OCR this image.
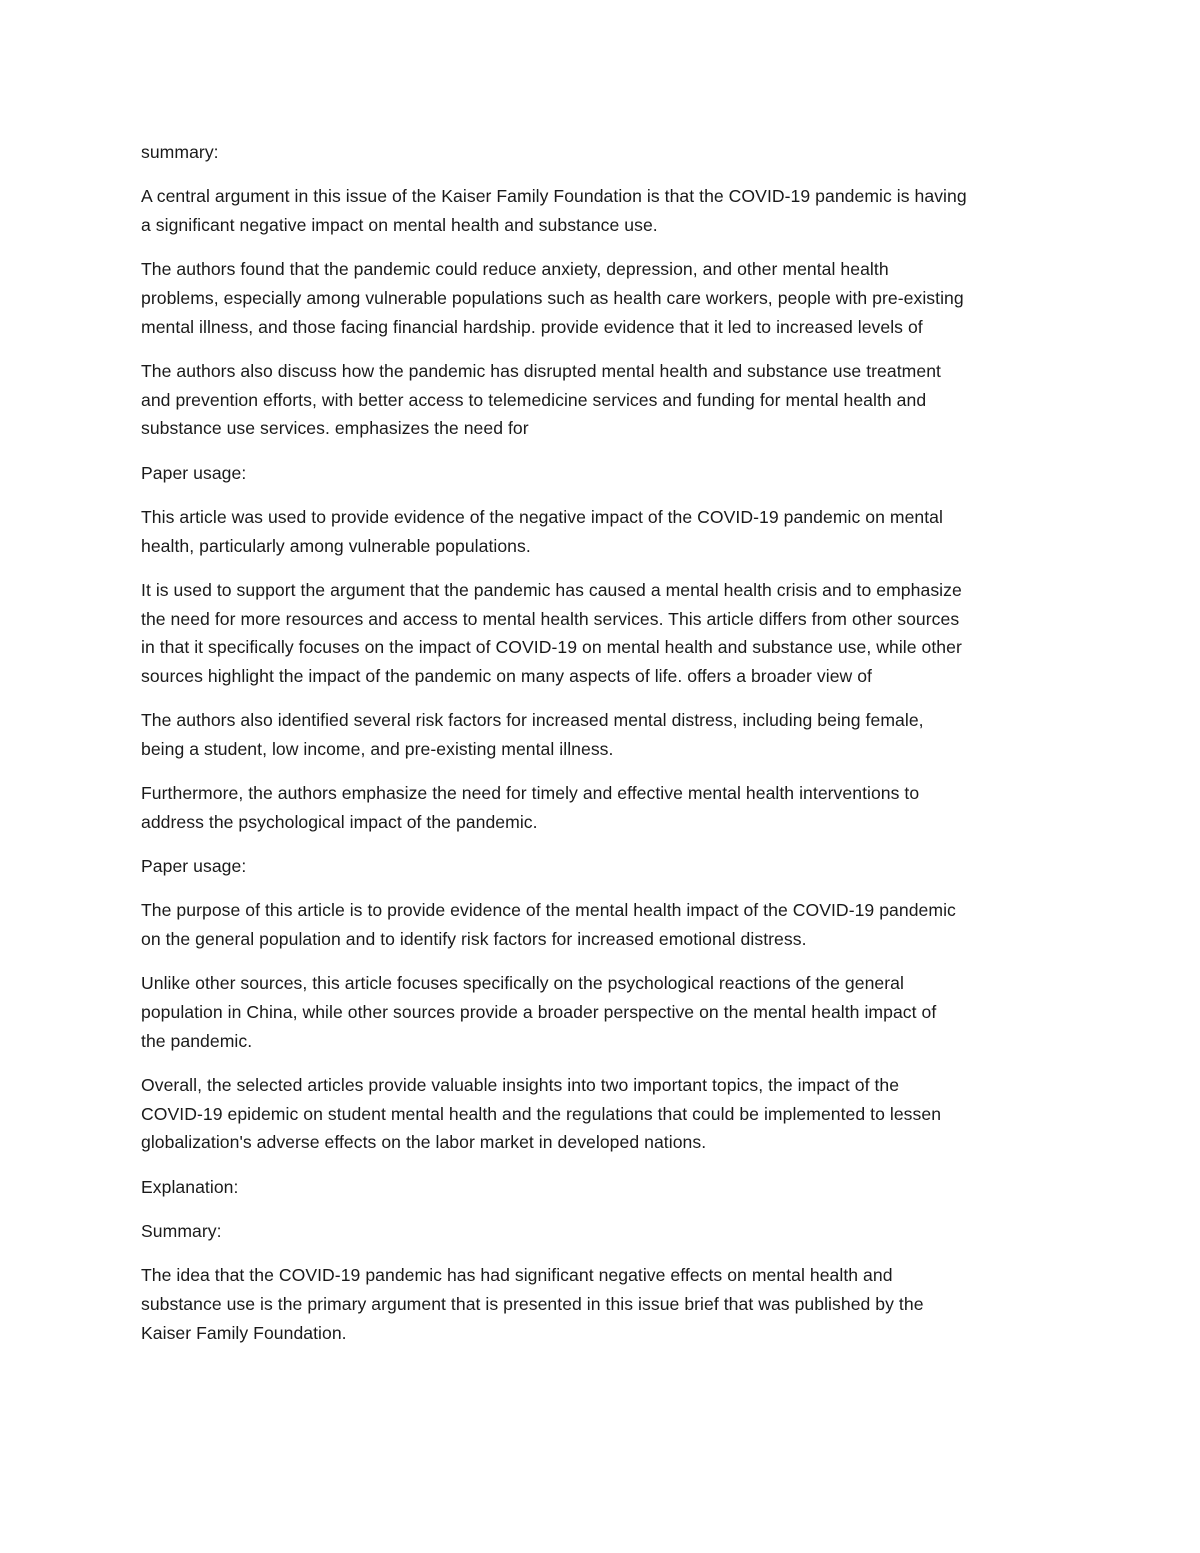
summary:

A central argument in this issue of the Kaiser Family Foundation is that the COVID-19 pandemic is having
a significant negative impact on mental health and substance use.

The authors found that the pandemic could reduce anxiety, depression, and other mental health
problems, especially among vulnerable populations such as health care workers, people with pre-existing
mental illness, and those facing financial hardship. provide evidence that it led to increased levels of

The authors also discuss how the pandemic has disrupted mental health and substance use treatment
and prevention efforts, with better access to telemedicine services and funding for mental health and
substance use services. emphasizes the need for

Paper usage:

This article was used to provide evidence of the negative impact of the COVID-19 pandemic on mental
health, particularly among vulnerable populations.

It is used to support the argument that the pandemic has caused a mental health crisis and to emphasize
the need for more resources and access to mental health services. This article differs from other sources
in that it specifically focuses on the impact of COVID-19 on mental health and substance use, while other
sources highlight the impact of the pandemic on many aspects of life. offers a broader view of

The authors also identified several risk factors for increased mental distress, including being female,
being a student, low income, and pre-existing mental illness.

Furthermore, the authors emphasize the need for timely and effective mental health interventions to
address the psychological impact of the pandemic.

Paper usage:

The purpose of this article is to provide evidence of the mental health impact of the COVID-19 pandemic
on the general population and to identify risk factors for increased emotional distress.

Unlike other sources, this article focuses specifically on the psychological reactions of the general
population in China, while other sources provide a broader perspective on the mental health impact of
the pandemic.

Overall, the selected articles provide valuable insights into two important topics, the impact of the
COVID-19 epidemic on student mental health and the regulations that could be implemented to lessen
globalization's adverse effects on the labor market in developed nations.

Explanation:

Summary:

The idea that the COVID-19 pandemic has had significant negative effects on mental health and
substance use is the primary argument that is presented in this issue brief that was published by the
Kaiser Family Foundation.
